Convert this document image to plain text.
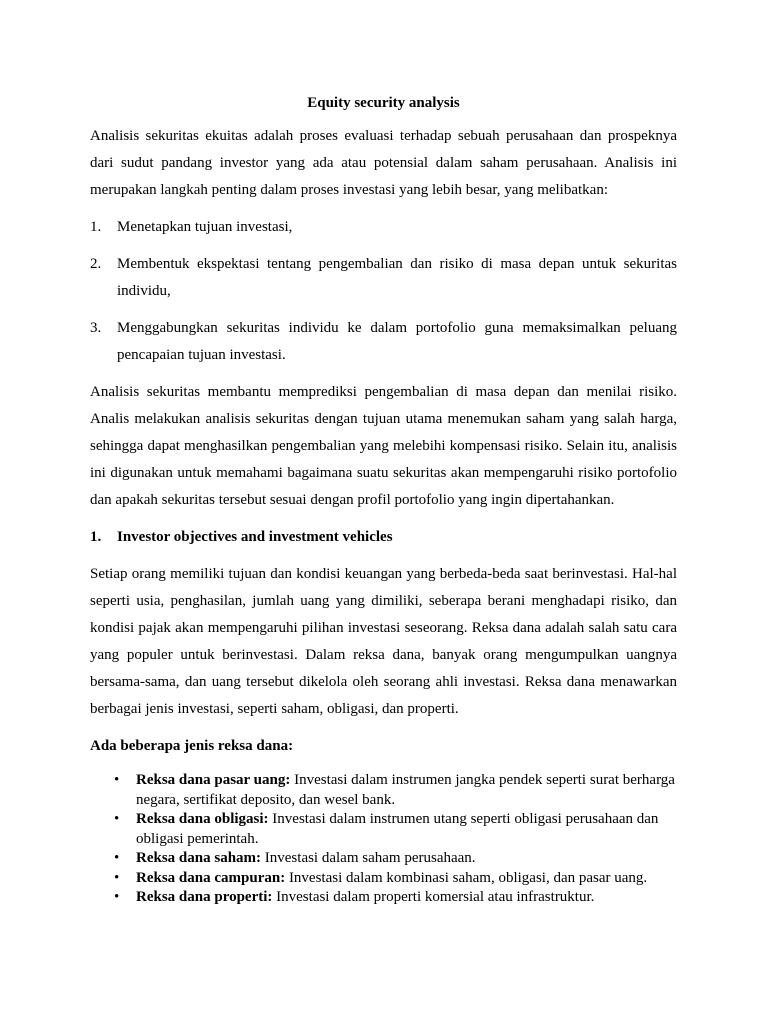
Equity security analysis
Analisis sekuritas ekuitas adalah proses evaluasi terhadap sebuah perusahaan dan prospeknya dari sudut pandang investor yang ada atau potensial dalam saham perusahaan. Analisis ini merupakan langkah penting dalam proses investasi yang lebih besar, yang melibatkan:
1. Menetapkan tujuan investasi,
2. Membentuk ekspektasi tentang pengembalian dan risiko di masa depan untuk sekuritas individu,
3. Menggabungkan sekuritas individu ke dalam portofolio guna memaksimalkan peluang pencapaian tujuan investasi.
Analisis sekuritas membantu memprediksi pengembalian di masa depan dan menilai risiko. Analis melakukan analisis sekuritas dengan tujuan utama menemukan saham yang salah harga, sehingga dapat menghasilkan pengembalian yang melebihi kompensasi risiko. Selain itu, analisis ini digunakan untuk memahami bagaimana suatu sekuritas akan mempengaruhi risiko portofolio dan apakah sekuritas tersebut sesuai dengan profil portofolio yang ingin dipertahankan.
1. Investor objectives and investment vehicles
Setiap orang memiliki tujuan dan kondisi keuangan yang berbeda-beda saat berinvestasi. Hal-hal seperti usia, penghasilan, jumlah uang yang dimiliki, seberapa berani menghadapi risiko, dan kondisi pajak akan mempengaruhi pilihan investasi seseorang. Reksa dana adalah salah satu cara yang populer untuk berinvestasi. Dalam reksa dana, banyak orang mengumpulkan uangnya bersama-sama, dan uang tersebut dikelola oleh seorang ahli investasi. Reksa dana menawarkan berbagai jenis investasi, seperti saham, obligasi, dan properti.
Ada beberapa jenis reksa dana:
• Reksa dana pasar uang: Investasi dalam instrumen jangka pendek seperti surat berharga negara, sertifikat deposito, dan wesel bank.
• Reksa dana obligasi: Investasi dalam instrumen utang seperti obligasi perusahaan dan obligasi pemerintah.
• Reksa dana saham: Investasi dalam saham perusahaan.
• Reksa dana campuran: Investasi dalam kombinasi saham, obligasi, dan pasar uang.
• Reksa dana properti: Investasi dalam properti komersial atau infrastruktur.
